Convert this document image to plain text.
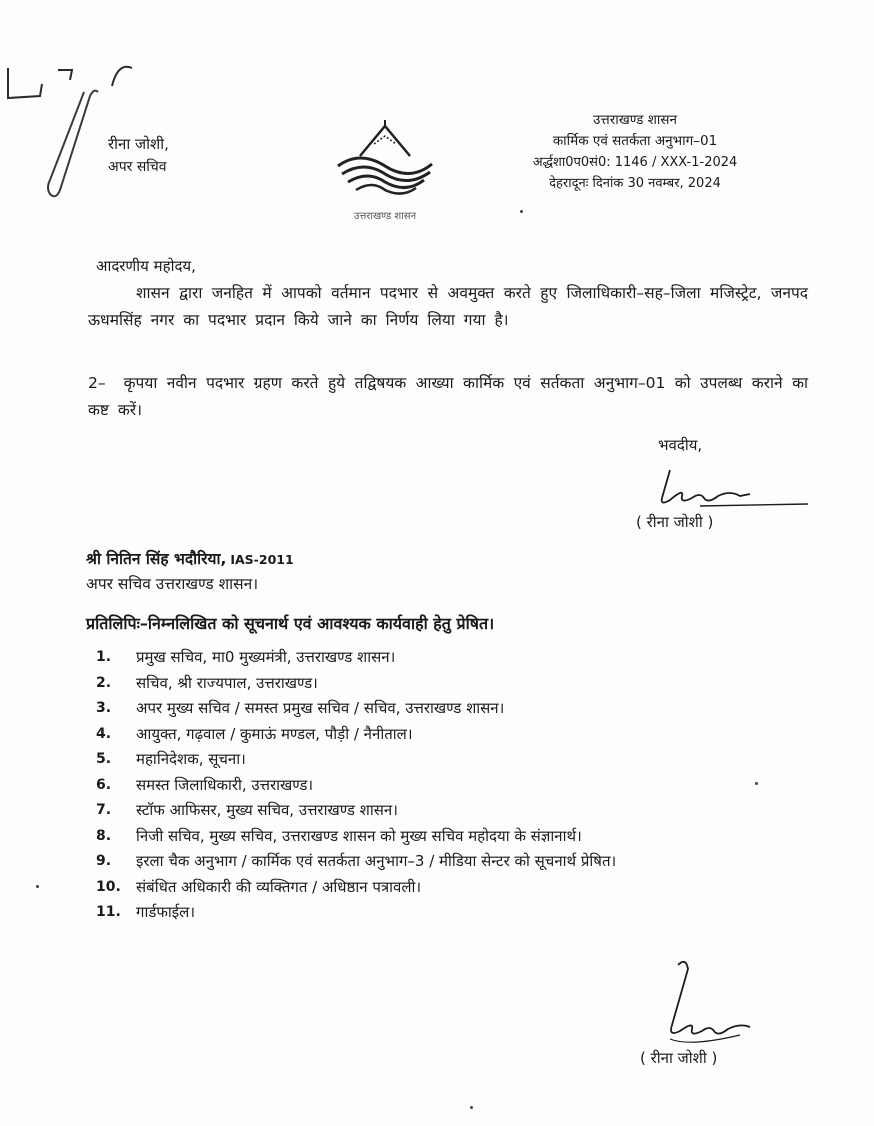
रीना जोशी,
अपर सचिव
उत्तराखण्ड शासन
उत्तराखण्ड शासन
कार्मिक एवं सतर्कता अनुभाग–01
अर्द्धशा0प0सं0: 1146 / XXX-1-2024
देहरादूनः दिनांक 30 नवम्बर, 2024
आदरणीय महोदय,
शासन द्वारा जनहित में आपको वर्तमान पदभार से अवमुक्त करते हुए जिलाधिकारी–सह–जिला मजिस्ट्रेट, जनपद ऊधमसिंह नगर का पदभार प्रदान किये जाने का निर्णय लिया गया है।
2– कृपया नवीन पदभार ग्रहण करते हुये तद्विषयक आख्या कार्मिक एवं सर्तकता अनुभाग–01 को उपलब्ध कराने का कष्ट करें।
भवदीय,
( रीना जोशी )
श्री नितिन सिंह भदौरिया, IAS-2011
अपर सचिव उत्तराखण्ड शासन।
प्रतिलिपिः–निम्नलिखित को सूचनार्थ एवं आवश्यक कार्यवाही हेतु प्रेषित।
1.	प्रमुख सचिव, मा0 मुख्यमंत्री, उत्तराखण्ड शासन।
2.	सचिव, श्री राज्यपाल, उत्तराखण्ड।
3.	अपर मुख्य सचिव / समस्त प्रमुख सचिव / सचिव, उत्तराखण्ड शासन।
4.	आयुक्त, गढ़वाल / कुमाऊं मण्डल, पौड़ी / नैनीताल।
5.	महानिदेशक, सूचना।
6.	समस्त जिलाधिकारी, उत्तराखण्ड।
7.	स्टॉफ आफिसर, मुख्य सचिव, उत्तराखण्ड शासन।
8.	निजी सचिव, मुख्य सचिव, उत्तराखण्ड शासन को मुख्य सचिव महोदया के संज्ञानार्थ।
9.	इरला चैक अनुभाग / कार्मिक एवं सतर्कता अनुभाग–3 / मीडिया सेन्टर को सूचनार्थ प्रेषित।
10.	संबंधित अधिकारी की व्यक्तिगत / अधिष्ठान पत्रावली।
11.	गार्डफाईल।
( रीना जोशी )
